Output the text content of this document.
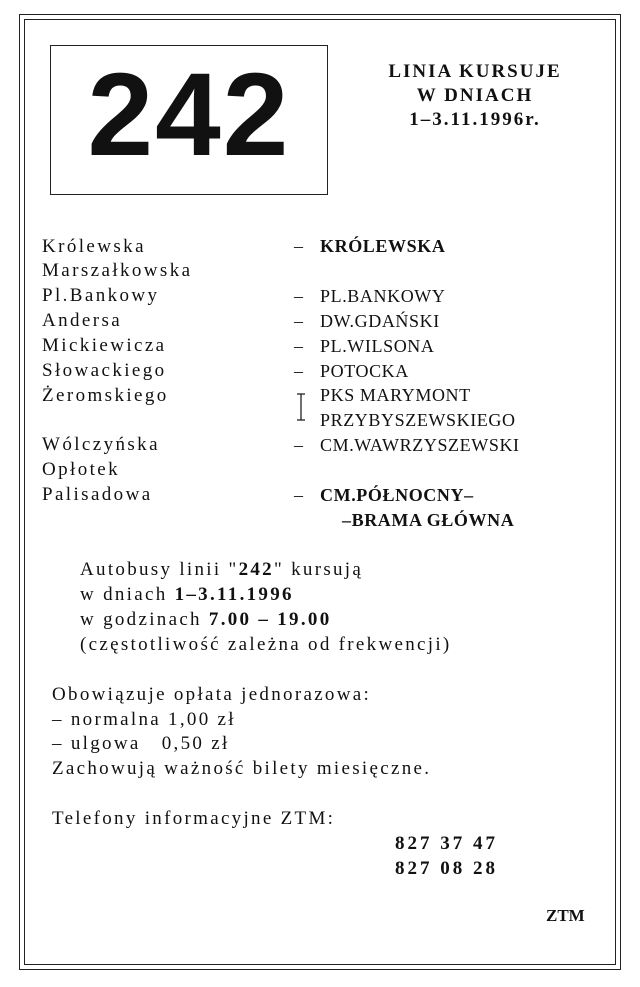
242	LINIA KURSUJE
W DNIACH
1–3.11.1996r.
Królewska
Marszałkowska
Pl.Bankowy
Andersa
Mickiewicza
Słowackiego
Żeromskiego
Wólczyńska
Opłotek
Palisadowa
–
–
–
–
–
–
–
KRÓLEWSKA
PL.BANKOWY
DW.GDAŃSKI
PL.WILSONA
POTOCKA
PKS MARYMONT
PRZYBYSZEWSKIEGO
CM.WAWRZYSZEWSKI
CM.PÓŁNOCNY–
–BRAMA GŁÓWNA
Autobusy linii "242" kursują
w dniach 1–3.11.1996
w godzinach 7.00 – 19.00
(częstotliwość zależna od frekwencji)
Obowiązuje opłata jednorazowa:
– normalna 1,00 zł
– ulgowa   0,50 zł
Zachowują ważność bilety miesięczne.
Telefony informacyjne ZTM:
827 37 47
827 08 28
ZTM
